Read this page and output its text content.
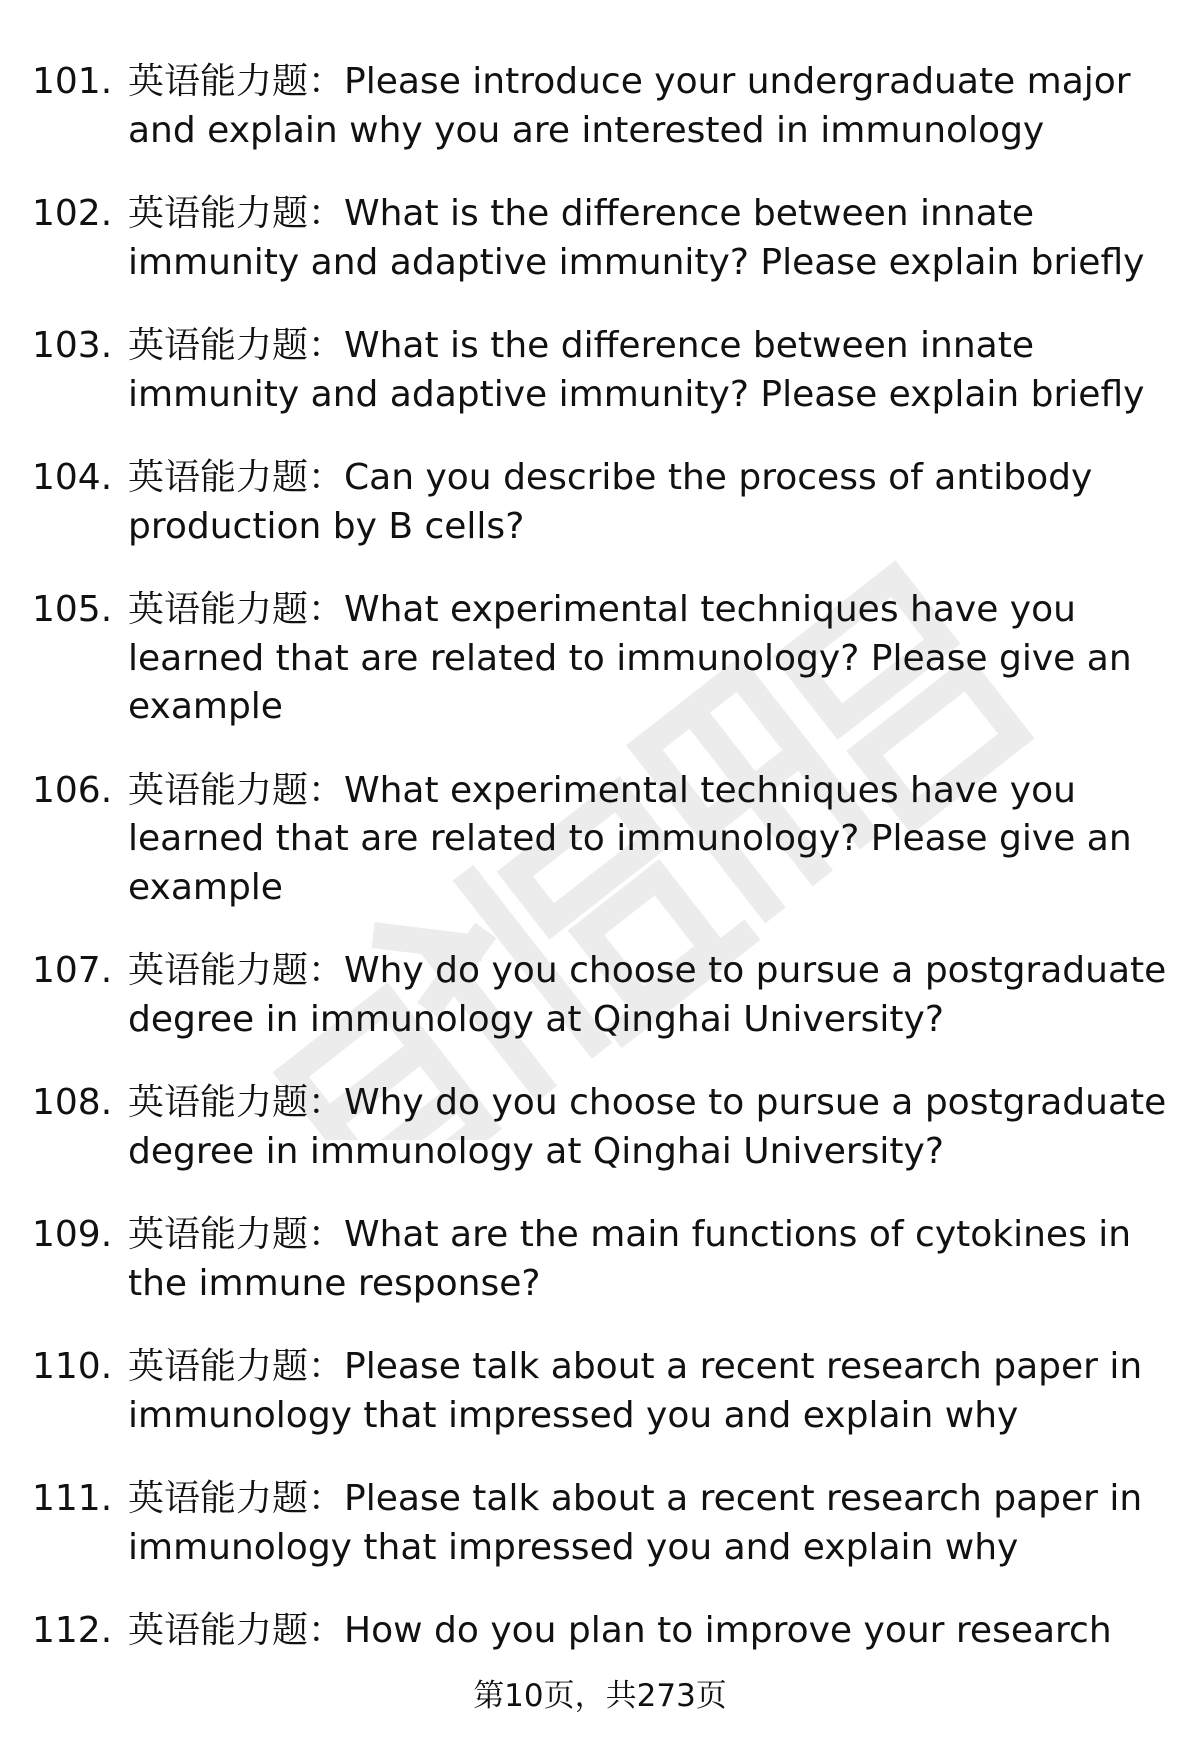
101. 英语能力题：Please introduce your undergraduate major and explain why you are interested in immunology
102. 英语能力题：What is the difference between innate immunity and adaptive immunity? Please explain briefly
103. 英语能力题：What is the difference between innate immunity and adaptive immunity? Please explain briefly
104. 英语能力题：Can you describe the process of antibody production by B cells?
105. 英语能力题：What experimental techniques have you learned that are related to immunology? Please give an example
106. 英语能力题：What experimental techniques have you learned that are related to immunology? Please give an example
107. 英语能力题：Why do you choose to pursue a postgraduate degree in immunology at Qinghai University?
108. 英语能力题：Why do you choose to pursue a postgraduate degree in immunology at Qinghai University?
109. 英语能力题：What are the main functions of cytokines in the immune response?
110. 英语能力题：Please talk about a recent research paper in immunology that impressed you and explain why
111. 英语能力题：Please talk about a recent research paper in immunology that impressed you and explain why
112. 英语能力题：How do you plan to improve your research
第10页，共273页
